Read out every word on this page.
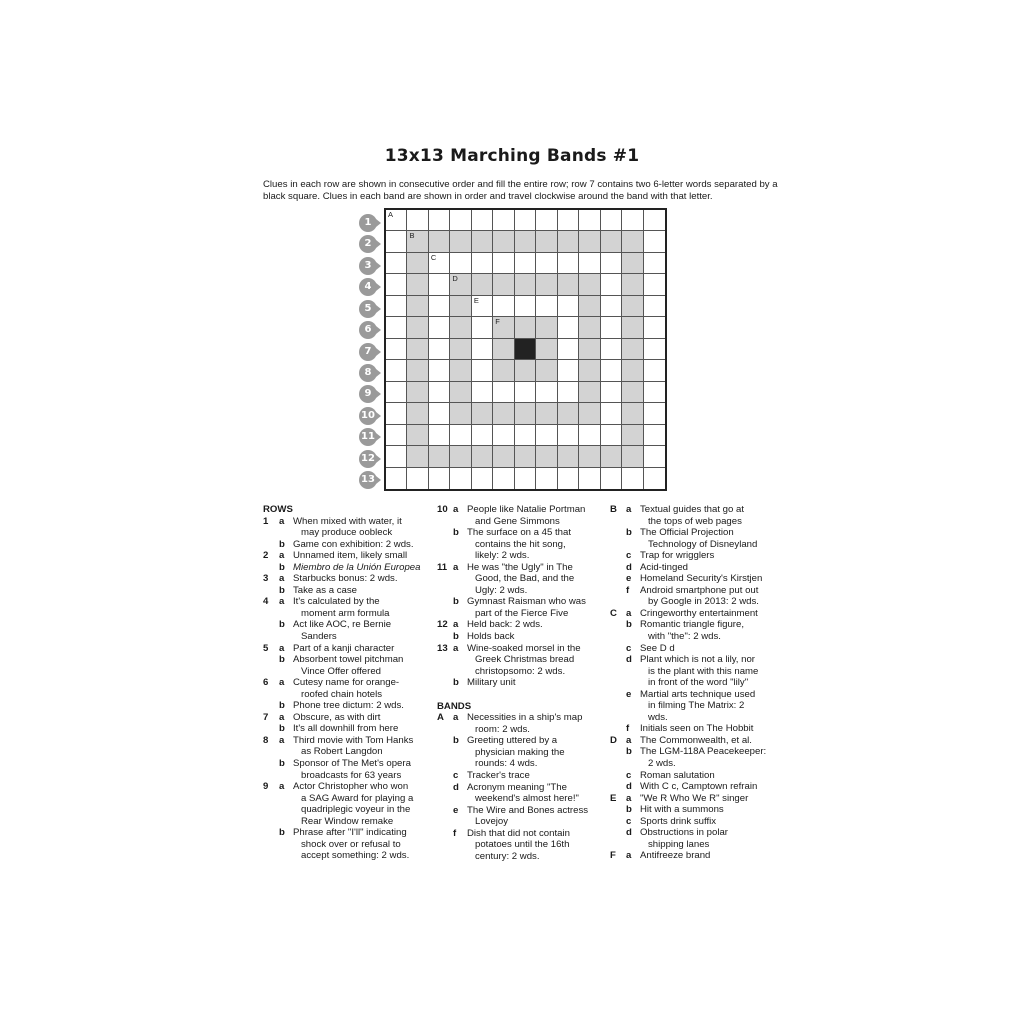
13x13 Marching Bands #1
Clues in each row are shown in consecutive order and fill the entire row; row 7 contains two 6-letter words separated by a black square. Clues in each band are shown in order and travel clockwise around the band with that letter.
1
2
3
4
5
6
7
8
9
10
11
12
13
A
B
C
D
E
F
ROWS
1	a When mixed with water, it
may produce oobleck
b Game con exhibition: 2 wds.
2	a Unnamed item, likely small
b Miembro de la Unión Europea
3	a Starbucks bonus: 2 wds.
b Take as a case
4	a It's calculated by the
moment arm formula
b Act like AOC, re Bernie
Sanders
5	a Part of a kanji character
b Absorbent towel pitchman
Vince Offer offered
6	a Cutesy name for orange-
roofed chain hotels
b Phone tree dictum: 2 wds.
7	a Obscure, as with dirt
b It's all downhill from here
8	a Third movie with Tom Hanks
as Robert Langdon
b Sponsor of The Met's opera
broadcasts for 63 years
9	a Actor Christopher who won
a SAG Award for playing a
quadriplegic voyeur in the
Rear Window remake
b Phrase after "I'll" indicating
shock over or refusal to
accept something: 2 wds.
10 a People like Natalie Portman
and Gene Simmons
b The surface on a 45 that
contains the hit song,
likely: 2 wds.
11 a He was "the Ugly" in The
Good, the Bad, and the
Ugly: 2 wds.
b Gymnast Raisman who was
part of the Fierce Five
12 a Held back: 2 wds.
b Holds back
13 a Wine-soaked morsel in the
Greek Christmas bread
christopsomo: 2 wds.
b Military unit
BANDS
A a Necessities in a ship's map
room: 2 wds.
b Greeting uttered by a
physician making the
rounds: 4 wds.
c Tracker's trace
d Acronym meaning "The
weekend's almost here!"
e The Wire and Bones actress
Lovejoy
f	Dish that did not contain
potatoes until the 16th
century: 2 wds.
B a Textual guides that go at
the tops of web pages
b The Official Projection
Technology of Disneyland
c Trap for wrigglers
d Acid-tinged
e Homeland Security's Kirstjen
f	Android smartphone put out
by Google in 2013: 2 wds.
C a Cringeworthy entertainment
b Romantic triangle figure,
with "the": 2 wds.
c See D d
d Plant which is not a lily, nor
is the plant with this name
in front of the word "lily"
e Martial arts technique used
in filming The Matrix: 2
wds.
f	Initials seen on The Hobbit
D a The Commonwealth, et al.
b The LGM-118A Peacekeeper:
2 wds.
c Roman salutation
d With C c, Camptown refrain
E a "We R Who We R" singer
b Hit with a summons
c Sports drink suffix
d Obstructions in polar
shipping lanes
F	a Antifreeze brand
